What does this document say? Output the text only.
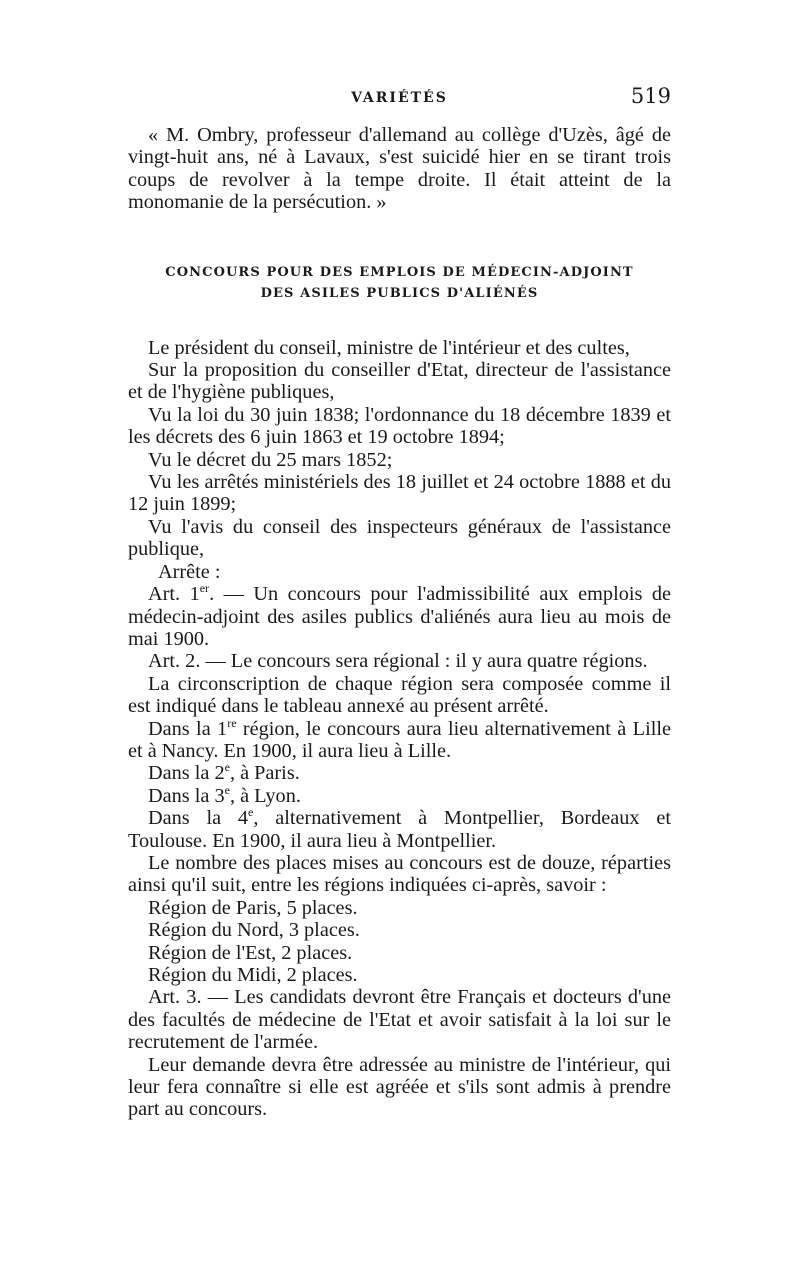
VARIÉTÉS	519

« M. Ombry, professeur d'allemand au collège d'Uzès, âgé de vingt-huit ans, né à Lavaux, s'est suicidé hier en se tirant trois coups de revolver à la tempe droite. Il était atteint de la monomanie de la persécution. »

CONCOURS POUR DES EMPLOIS DE MÉDECIN-ADJOINT
DES ASILES PUBLICS D'ALIÉNÉS

Le président du conseil, ministre de l'intérieur et des cultes,

Sur la proposition du conseiller d'Etat, directeur de l'assistance et de l'hygiène publiques,

Vu la loi du 30 juin 1838; l'ordonnance du 18 décembre 1839 et les décrets des 6 juin 1863 et 19 octobre 1894;

Vu le décret du 25 mars 1852;

Vu les arrêtés ministériels des 18 juillet et 24 octobre 1888 et du 12 juin 1899;

Vu l'avis du conseil des inspecteurs généraux de l'assistance publique,

Arrête :

Art. 1er. — Un concours pour l'admissibilité aux emplois de médecin-adjoint des asiles publics d'aliénés aura lieu au mois de mai 1900.

Art. 2. — Le concours sera régional : il y aura quatre régions.

La circonscription de chaque région sera composée comme il est indiqué dans le tableau annexé au présent arrêté.

Dans la 1re région, le concours aura lieu alternativement à Lille et à Nancy. En 1900, il aura lieu à Lille.

Dans la 2e, à Paris.

Dans la 3e, à Lyon.

Dans la 4e, alternativement à Montpellier, Bordeaux et Toulouse. En 1900, il aura lieu à Montpellier.

Le nombre des places mises au concours est de douze, réparties ainsi qu'il suit, entre les régions indiquées ci-après, savoir :

Région de Paris, 5 places.

Région du Nord, 3 places.

Région de l'Est, 2 places.

Région du Midi, 2 places.

Art. 3. — Les candidats devront être Français et docteurs d'une des facultés de médecine de l'Etat et avoir satisfait à la loi sur le recrutement de l'armée.

Leur demande devra être adressée au ministre de l'intérieur, qui leur fera connaître si elle est agréée et s'ils sont admis à prendre part au concours.
